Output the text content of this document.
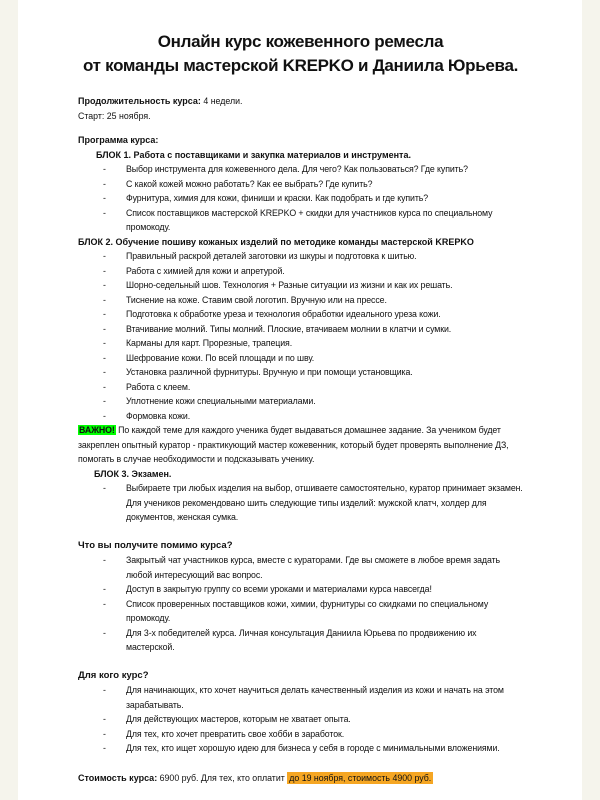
Онлайн курс кожевенного ремесла
от команды мастерской KREPKO и Даниила Юрьева.
Продолжительность курса: 4 недели.
Старт: 25 ноября.
Программа курса:
БЛОК 1. Работа с поставщиками и закупка материалов и инструмента.
-	Выбор инструмента для кожевенного дела. Для чего? Как пользоваться? Где купить?
-	С какой кожей можно работать? Как ее выбрать? Где купить?
-	Фурнитура, химия для кожи, финиши и краски. Как подобрать и где купить?
-	Список поставщиков мастерской KREPKO + скидки для участников курса по специальному промокоду.
БЛОК 2. Обучение пошиву кожаных изделий по методике команды мастерской KREPKO
-	Правильный раскрой деталей заготовки из шкуры и подготовка к шитью.
-	Работа с химией для кожи и апретурой.
-	Шорно-седельный шов. Технология + Разные ситуации из жизни и как их решать.
-	Тиснение на коже. Ставим свой логотип. Вручную или на прессе.
-	Подготовка к обработке уреза и технология обработки идеального уреза кожи.
-	Втачивание молний. Типы молний. Плоские, втачиваем молнии в клатчи и сумки.
-	Карманы для карт. Прорезные, трапеция.
-	Шефрование кожи. По всей площади и по шву.
-	Установка различной фурнитуры. Вручную и при помощи установщика.
-	Работа с клеем.
-	Уплотнение кожи специальными материалами.
-	Формовка кожи.
ВАЖНО! По каждой теме для каждого ученика будет выдаваться домашнее задание. За учеником будет закреплен опытный куратор - практикующий мастер кожевенник, который будет проверять выполнение ДЗ, помогать в случае необходимости и подсказывать ученику.
БЛОК 3. Экзамен.
-	Выбираете три любых изделия на выбор, отшиваете самостоятельно, куратор принимает экзамен. Для учеников рекомендовано шить следующие типы изделий: мужской клатч, холдер для документов, женская сумка.
Что вы получите помимо курса?
-	Закрытый чат участников курса, вместе с кураторами. Где вы сможете в любое время задать любой интересующий вас вопрос.
-	Доступ в закрытую группу со всеми уроками и материалами курса навсегда!
-	Список проверенных поставщиков кожи, химии, фурнитуры со скидками по специальному промокоду.
-	Для 3-х победителей курса. Личная консультация Даниила Юрьева по продвижению их мастерской.
Для кого курс?
-	Для начинающих, кто хочет научиться делать качественный изделия из кожи и начать на этом зарабатывать.
-	Для действующих мастеров, которым не хватает опыта.
-	Для тех, кто хочет превратить свое хобби в заработок.
-	Для тех, кто ищет хорошую идею для бизнеса у себя в городе с минимальными вложениями.
Стоимость курса: 6900 руб. Для тех, кто оплатит до 19 ноября, стоимость 4900 руб.
